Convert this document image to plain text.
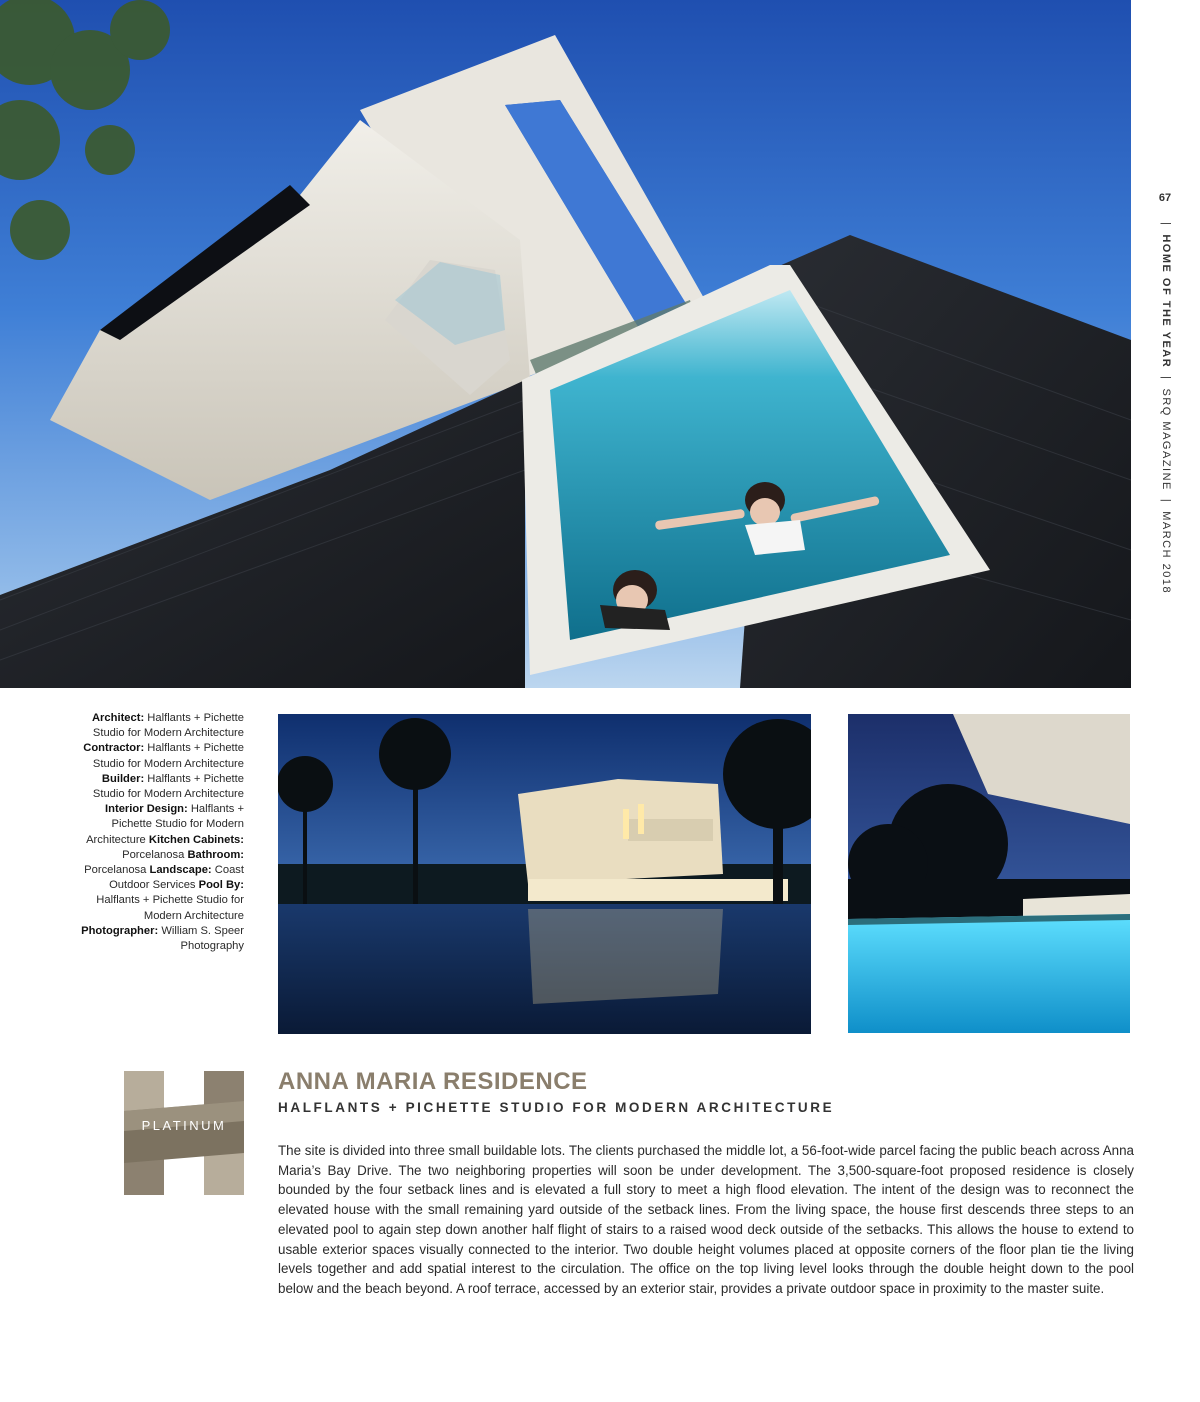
67
|HOME OF THE YEAR|SRQ MAGAZINE|MARCH 2018
Architect: Halflants + Pichette Studio for Modern Architecture Contractor: Halflants + Pichette Studio for Modern Architecture Builder: Halflants + Pichette Studio for Modern Architecture Interior Design: Halflants + Pichette Studio for Modern Architecture Kitchen Cabinets: Porcelanosa Bathroom: Porcelanosa Landscape: Coast Outdoor Services Pool By: Halflants + Pichette Studio for Modern Architecture Photographer: William S. Speer Photography
PLATINUM
ANNA MARIA RESIDENCE
HALFLANTS + PICHETTE STUDIO FOR MODERN ARCHITECTURE

The site is divided into three small buildable lots. The clients purchased the middle lot, a 56-foot-wide parcel facing the public beach across Anna Maria’s Bay Drive. The two neighboring properties will soon be under development. The 3,500-square-foot proposed residence is closely bounded by the four setback lines and is elevated a full story to meet a high flood elevation. The intent of the design was to reconnect the elevated house with the small remaining yard outside of the setback lines. From the living space, the house first descends three steps to an elevated pool to again step down another half flight of stairs to a raised wood deck outside of the setbacks. This allows the house to extend to usable exterior spaces visually connected to the interior. Two double height volumes placed at opposite corners of the floor plan tie the living levels together and add spatial interest to the circulation. The office on the top living level looks through the double height down to the pool below and the beach beyond. A roof terrace, accessed by an exterior stair, provides a private outdoor space in proximity to the master suite.
